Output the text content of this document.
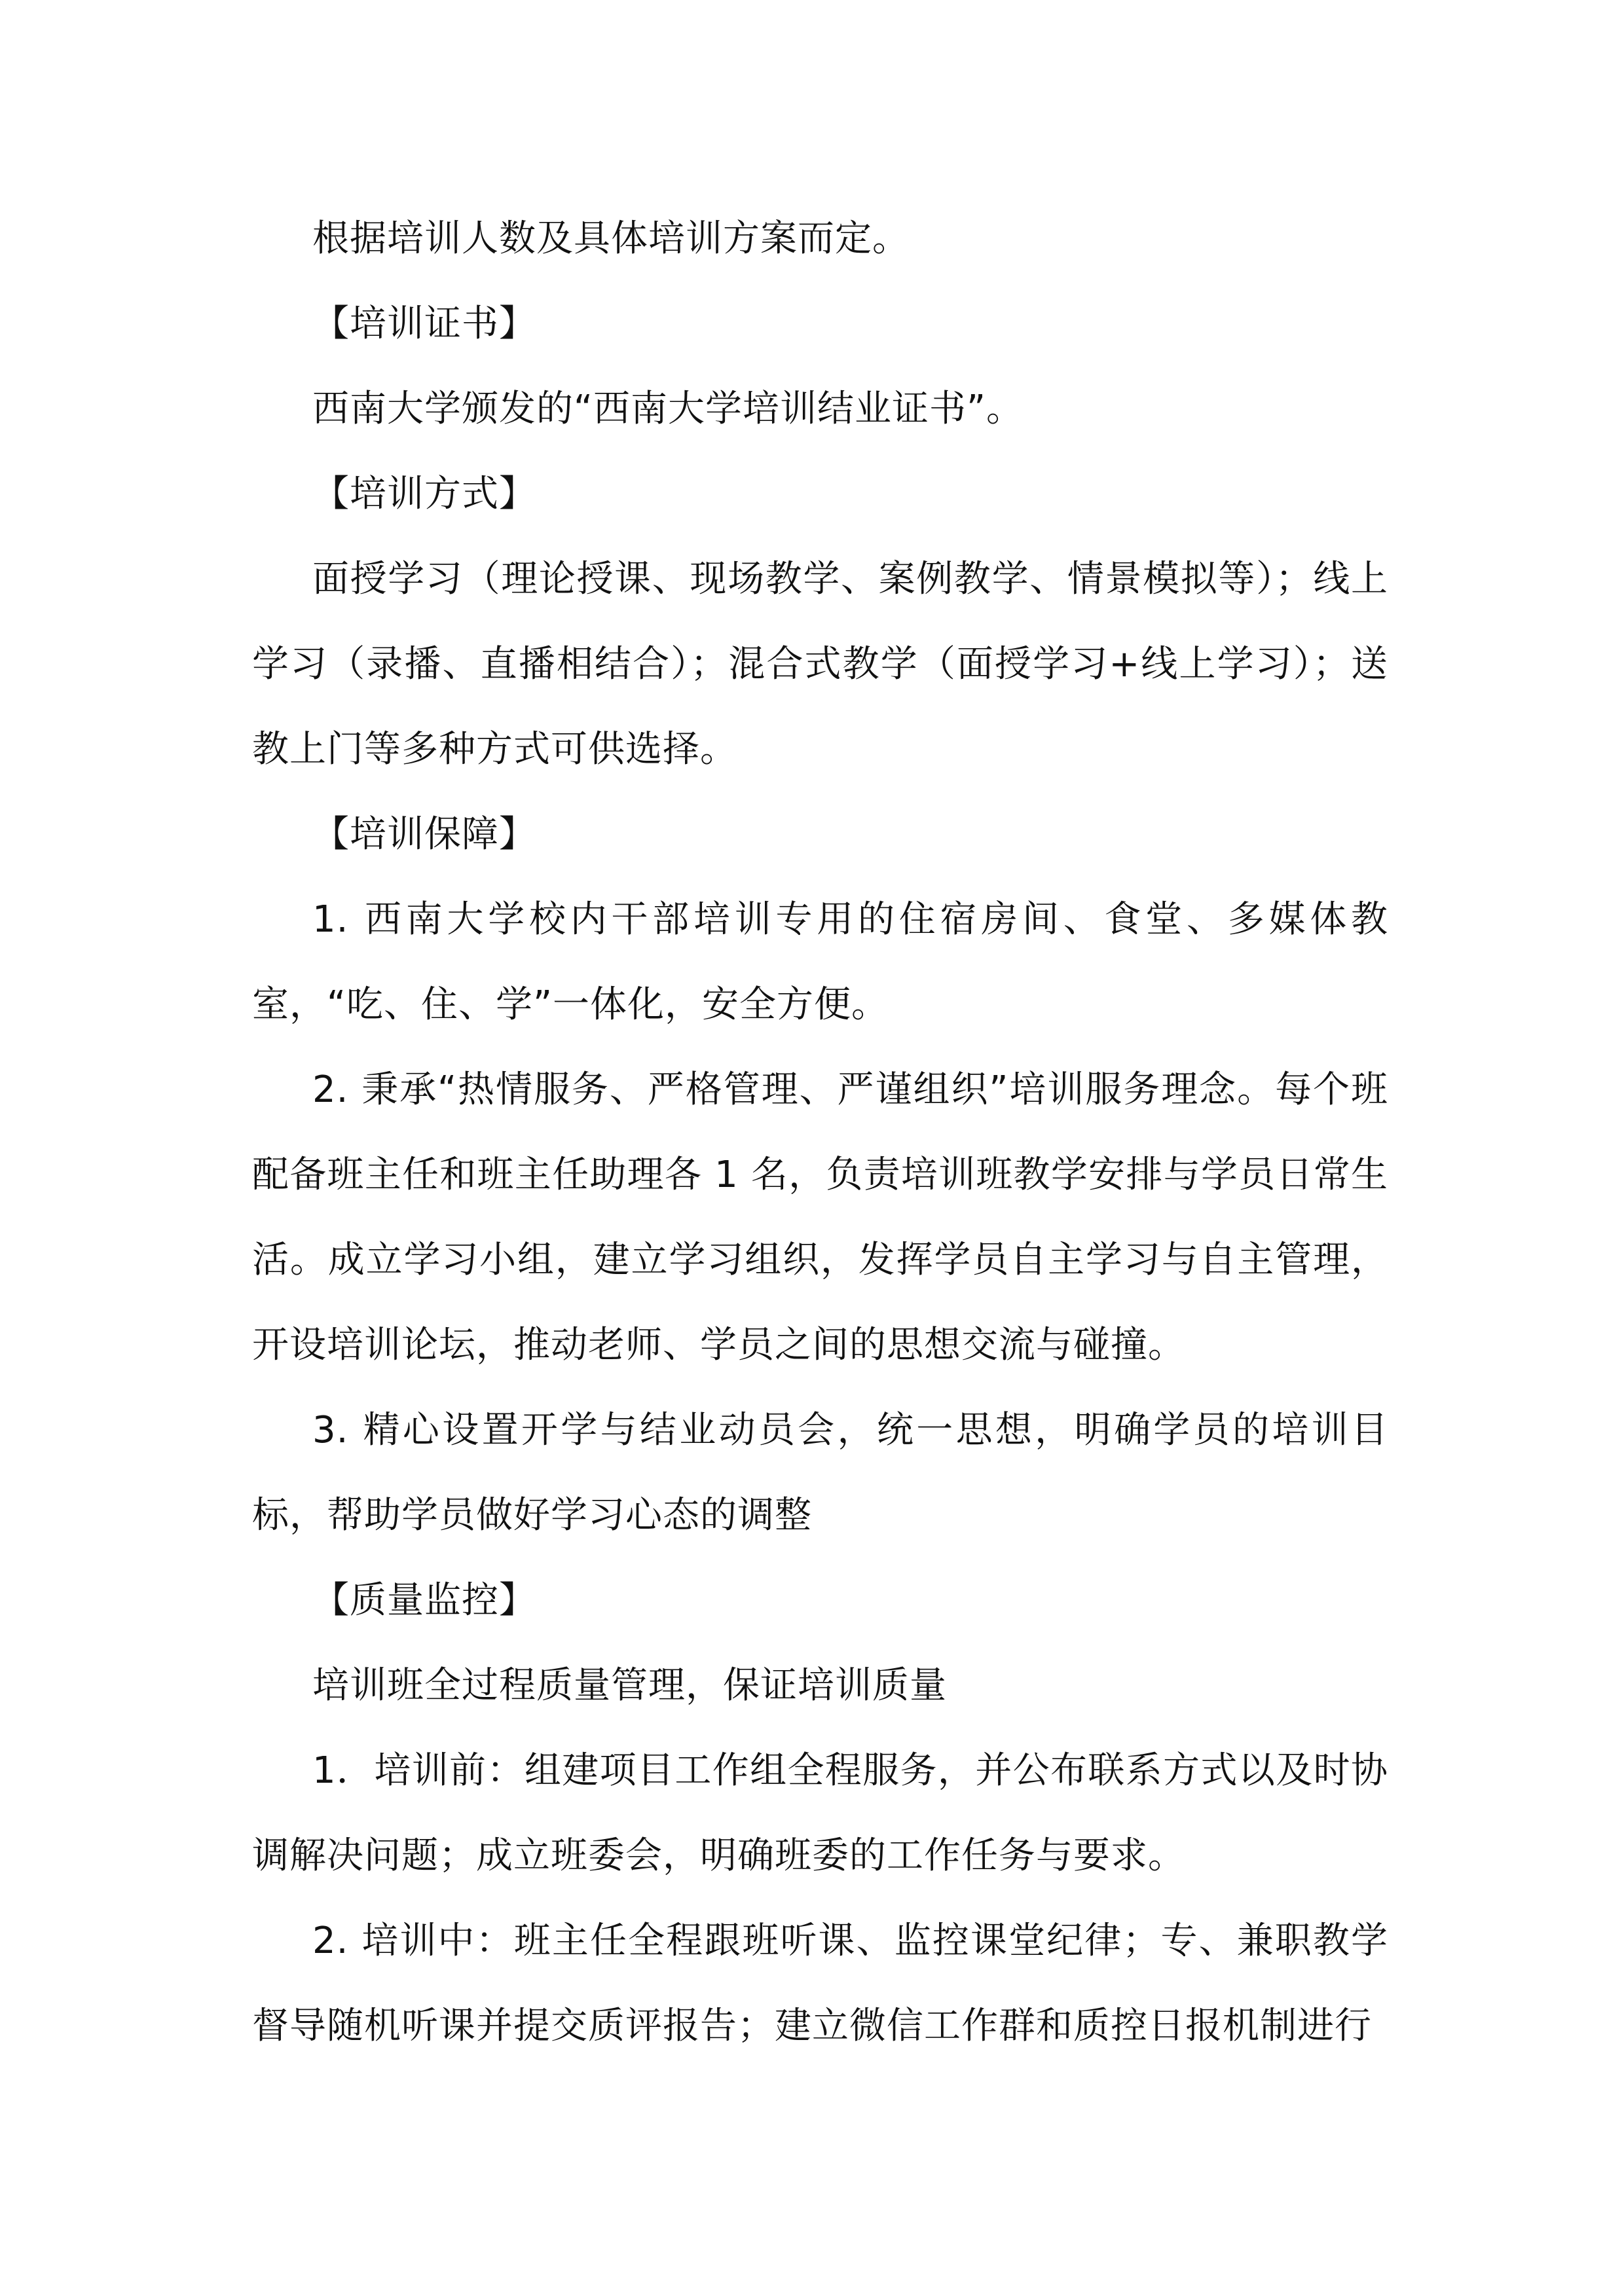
根据培训人数及具体培训方案而定。

【培训证书】

西南大学颁发的“西南大学培训结业证书”。

【培训方式】

面授学习（理论授课、现场教学、案例教学、情景模拟等）；线上学习（录播、直播相结合）；混合式教学（面授学习+线上学习）；送教上门等多种方式可供选择。

【培训保障】

1. 西南大学校内干部培训专用的住宿房间、食堂、多媒体教室，“吃、住、学”一体化，安全方便。

2. 秉承“热情服务、严格管理、严谨组织”培训服务理念。每个班配备班主任和班主任助理各 1 名，负责培训班教学安排与学员日常生活。成立学习小组，建立学习组织，发挥学员自主学习与自主管理，开设培训论坛，推动老师、学员之间的思想交流与碰撞。

3. 精心设置开学与结业动员会，统一思想，明确学员的培训目标，帮助学员做好学习心态的调整

【质量监控】

培训班全过程质量管理，保证培训质量

1．培训前：组建项目工作组全程服务，并公布联系方式以及时协调解决问题；成立班委会，明确班委的工作任务与要求。

2. 培训中：班主任全程跟班听课、监控课堂纪律；专、兼职教学督导随机听课并提交质评报告；建立微信工作群和质控日报机制进行
